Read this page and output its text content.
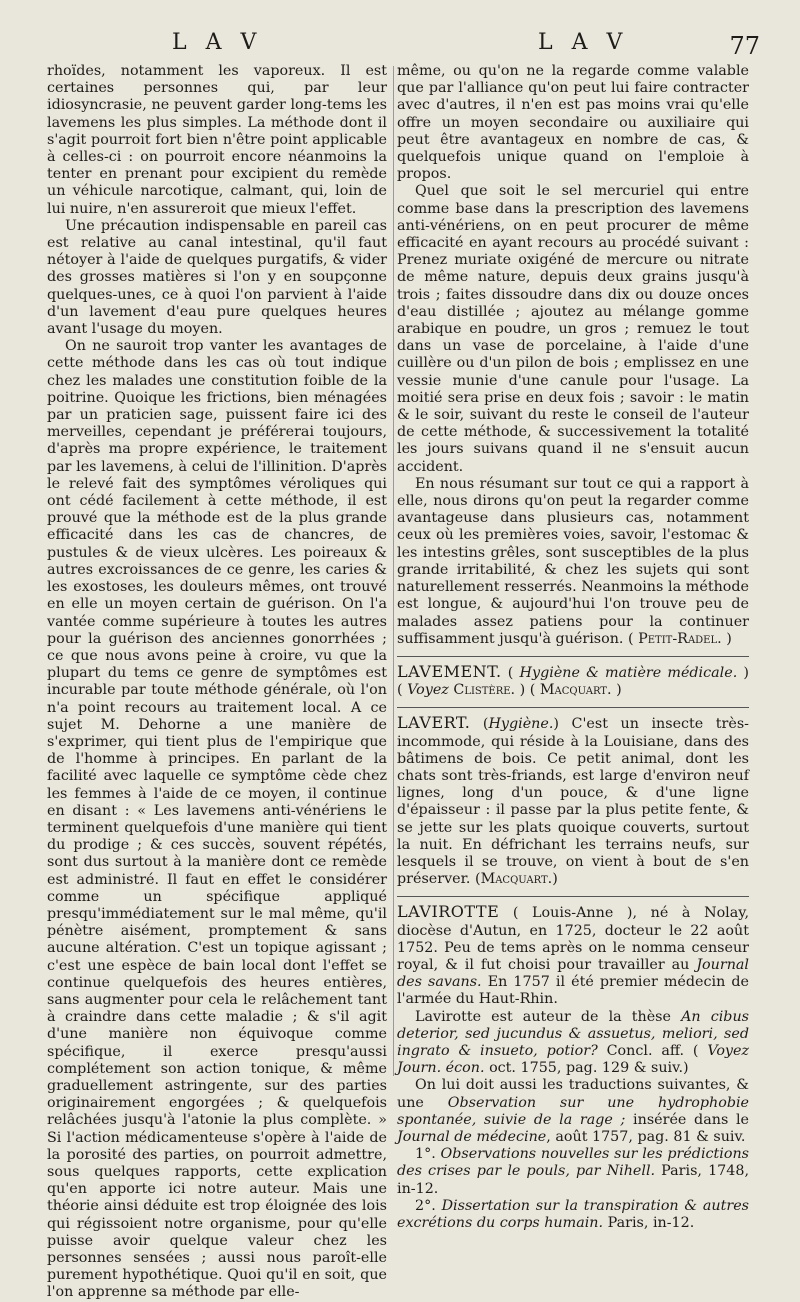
L A V	L A V	77

rhoïdes, notamment les vaporeux. Il est certaines personnes qui, par leur idiosyncrasie, ne peuvent garder long-tems les lavemens les plus simples. La méthode dont il s'agit pourroit fort bien n'être point applicable à celles-ci : on pourroit encore néanmoins la tenter en prenant pour excipient du remède un véhicule narcotique, calmant, qui, loin de lui nuire, n'en assureroit que mieux l'effet.

Une précaution indispensable en pareil cas est relative au canal intestinal, qu'il faut nétoyer à l'aide de quelques purgatifs, & vider des grosses matières si l'on y en soupçonne quelques-unes, ce à quoi l'on parvient à l'aide d'un lavement d'eau pure quelques heures avant l'usage du moyen.

On ne sauroit trop vanter les avantages de cette méthode dans les cas où tout indique chez les malades une constitution foible de la poitrine. Quoique les frictions, bien ménagées par un praticien sage, puissent faire ici des merveilles, cependant je préférerai toujours, d'après ma propre expérience, le traitement par les lavemens, à celui de l'illinition. D'après le relevé fait des symptômes véroliques qui ont cédé facilement à cette méthode, il est prouvé que la méthode est de la plus grande efficacité dans les cas de chancres, de pustules & de vieux ulcères. Les poireaux & autres excroissances de ce genre, les caries & les exostoses, les douleurs mêmes, ont trouvé en elle un moyen certain de guérison. On l'a vantée comme supérieure à toutes les autres pour la guérison des anciennes gonorrhées ; ce que nous avons peine à croire, vu que la plupart du tems ce genre de symptômes est incurable par toute méthode générale, où l'on n'a point recours au traitement local. A ce sujet M. Dehorne a une manière de s'exprimer, qui tient plus de l'empirique que de l'homme à principes. En parlant de la facilité avec laquelle ce symptôme cède chez les femmes à l'aide de ce moyen, il continue en disant : « Les lavemens anti-vénériens le terminent quelquefois d'une manière qui tient du prodige ; & ces succès, souvent répétés, sont dus surtout à la manière dont ce remède est administré. Il faut en effet le considérer comme un spécifique appliqué presqu'immédiatement sur le mal même, qu'il pénètre aisément, promptement & sans aucune altération. C'est un topique agissant ; c'est une espèce de bain local dont l'effet se continue quelquefois des heures entières, sans augmenter pour cela le relâchement tant à craindre dans cette maladie ; & s'il agit d'une manière non équivoque comme spécifique, il exerce presqu'aussi complétement son action tonique, & même graduellement astringente, sur des parties originairement engorgées ; & quelquefois relâchées jusqu'à l'atonie la plus complète. » Si l'action médicamenteuse s'opère à l'aide de la porosité des parties, on pourroit admettre, sous quelques rapports, cette explication qu'en apporte ici notre auteur. Mais une théorie ainsi déduite est trop éloignée des lois qui régissoient notre organisme, pour qu'elle puisse avoir quelque valeur chez les personnes sensées ; aussi nous paroît-elle purement hypothétique. Quoi qu'il en soit, que l'on apprenne sa méthode par elle-

même, ou qu'on ne la regarde comme valable que par l'alliance qu'on peut lui faire contracter avec d'autres, il n'en est pas moins vrai qu'elle offre un moyen secondaire ou auxiliaire qui peut être avantageux en nombre de cas, & quelquefois unique quand on l'emploie à propos.

Quel que soit le sel mercuriel qui entre comme base dans la prescription des lavemens anti-vénériens, on en peut procurer de même efficacité en ayant recours au procédé suivant : Prenez muriate oxigéné de mercure ou nitrate de même nature, depuis deux grains jusqu'à trois ; faites dissoudre dans dix ou douze onces d'eau distillée ; ajoutez au mélange gomme arabique en poudre, un gros ; remuez le tout dans un vase de porcelaine, à l'aide d'une cuillère ou d'un pilon de bois ; emplissez en une vessie munie d'une canule pour l'usage. La moitié sera prise en deux fois ; savoir : le matin & le soir, suivant du reste le conseil de l'auteur de cette méthode, & successivement la totalité les jours suivans quand il ne s'ensuit aucun accident.

En nous résumant sur tout ce qui a rapport à elle, nous dirons qu'on peut la regarder comme avantageuse dans plusieurs cas, notamment ceux où les premières voies, savoir, l'estomac & les intestins grêles, sont susceptibles de la plus grande irritabilité, & chez les sujets qui sont naturellement resserrés. Neanmoins la méthode est longue, & aujourd'hui l'on trouve peu de malades assez patiens pour la continuer suffisamment jusqu'à guérison. ( Petit-Radel. )

LAVEMENT. ( Hygiène & matière médicale. ) ( Voyez Clistère. ) ( Macquart. )

LAVERT. (Hygiène.) C'est un insecte très-incommode, qui réside à la Louisiane, dans des bâtimens de bois. Ce petit animal, dont les chats sont très-friands, est large d'environ neuf lignes, long d'un pouce, & d'une ligne d'épaisseur : il passe par la plus petite fente, & se jette sur les plats quoique couverts, surtout la nuit. En défrichant les terrains neufs, sur lesquels il se trouve, on vient à bout de s'en préserver. (Macquart.)

LAVIROTTE ( Louis-Anne ), né à Nolay, diocèse d'Autun, en 1725, docteur le 22 août 1752. Peu de tems après on le nomma censeur royal, & il fut choisi pour travailler au Journal des savans. En 1757 il été premier médecin de l'armée du Haut-Rhin.

Lavirotte est auteur de la thèse An cibus deterior, sed jucundus & assuetus, meliori, sed ingrato & insueto, potior? Concl. aff. ( Voyez Journ. écon. oct. 1755, pag. 129 & suiv.)

On lui doit aussi les traductions suivantes, & une Observation sur une hydrophobie spontanée, suivie de la rage ; insérée dans le Journal de médecine, août 1757, pag. 81 & suiv.

1°. Observations nouvelles sur les prédictions des crises par le pouls, par Nihell. Paris, 1748, in-12.

2°. Dissertation sur la transpiration & autres excrétions du corps humain. Paris, in-12.
